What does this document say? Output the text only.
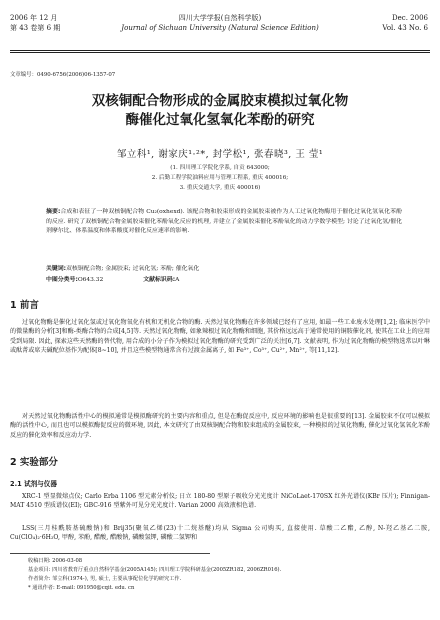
2006 年 12 月
第 43 卷第 6 期
四川大学学报(自然科学版)
Journal of Sichuan University (Natural Science Edition)
Dec. 2006
Vol. 43 No. 6
文章编号：0490-6756(2006)06-1357-07
双核铜配合物形成的金属胶束模拟过氧化物
酶催化过氧化氢氧化苯酚的研究
邹立科¹, 谢家庆¹·²*, 封学松¹, 张春晓³, 王 莹¹
(1. 四川理工学院化学系, 自贡 643000;
2. 后勤工程学院油料应用与管理工程系, 重庆 400016;
3. 重庆交通大学, 重庆 400016)
摘要:合成和表征了一种双核铜配合物 Cu₂(oxhexd). 该配合物和胶束形成的金属胶束被作为人工过氧化物酶用于催化过氧化氢氧化苯酚的反应. 研究了双核铜配合物金属胶束催化苯酚氧化反应的机理, 并建立了金属胶束催化苯酚氧化的动力学数学模型; 讨论了过氧化氢/催化剂摩尔比、体系温度和体系酸度对催化反应速率的影响.
关键词:双核铜配合物; 金属胶束; 过氧化氢; 苯酚; 催化氧化
中图分类号:O643.32	文献标识码:A
1 前言
过氧化物酶是催化过氧化氢或过氧化物氧化有机和无机化合物的酶. 天然过氧化物酶在许多领域已经有了应用, 如最一些工业废水处理[1,2]; 临床医学中的微量酶的分析[3]和酶-类酶合物的合成[4,5]等. 天然过氧化物酶, 如象辣根过氧化物酶和细胞, 其价格远远高于通常使用的铜胺催化剂, 使其在工业上的应用受到局限. 因此, 探索这些天然酶的替代物, 用合成的小分子作为模拟过氧化物酶的研究受到广泛的关注[6,7]. 文献表明, 作为过氧化物酶的模型物选常以叶啉或酞菁或席夫碱配位基作为配体[8~10], 并且这些模型物通常含有过渡金属离子, 如 Fe³⁺, Co³⁺, Cu²⁺, Mn²⁺, 等[11,12].
对天然过氧化物酶活性中心的模拟通常是模拟酶研究的主要内容和重点, 但是在酶促反应中, 反应环境的影响也是很重要的[13]. 金属胶束不仅可以模拟酶的活性中心, 而且也可以模拟酶促反应的微环境, 因此, 本文研究了由双核铜配合物和胶束组成的金属胶束, 一种模拟的过氧化物酶, 催化过氧化氢氧化苯酚反应的催化效率和反应动力学.
2 实验部分
2.1 试剂与仪器
XRC-1 型显微熔点仪; Carlo Erba 1106 型元素分析仪; 日立 180-80 型原子吸收分光光度计 NiCoLaet-170SX 红外光谱仪(KBr 压片); Finnigan-MAT 4510 型质谱仪(EI); GBC-916 型紫外可见分光光度计. Varian 2000 高效液相色谱.
LSS(三月桂酰胺基硫酸钠)和 Brij35(聚氧乙烯(23)十二烷基醚)均从 Sigma 公司购买, 直接使用. 草酸二乙酯, 乙醇, N-羟乙基乙二胺, Cu(ClO₄)₂·6H₂O, 甲醇, 苯酚, 醋酸, 醋酸钠, 磷酸氢钾, 磷酸二氢钾和
收稿日期: 2006-03-08
基金项目: 四川省教育厅重点自然科学基金(2005A145); 四川理工学院科研基金(2005ZR182, 2006ZR016).
作者简介: 邹立科(1974-), 男, 硕士, 主要从事配位化学的研究工作.
* 通讯作者: E-mail: 091950@cqit. edu. cn
